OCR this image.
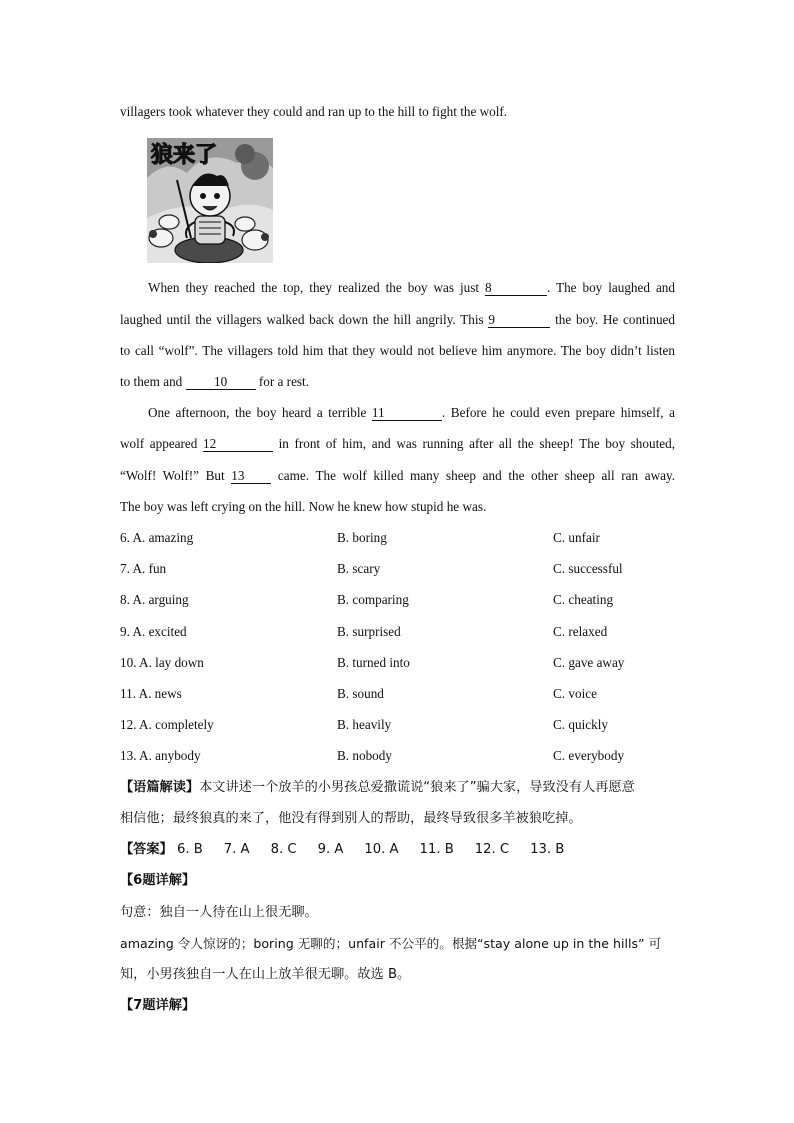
villagers took whatever they could and ran up to the hill to fight the wolf.
狼来了
When they reached the top, they realized the boy was just 8	. The boy laughed and
laughed until the villagers walked back down the hill angrily. This 9	the boy. He continued
to call “wolf”. The villagers told him that they would not believe him anymore. The boy didn’t listen
to them and 10 for a rest.
One afternoon, the boy heard a terrible 11	. Before he could even prepare himself, a
wolf appeared 12	in front of him, and was running after all the sheep! The boy shouted,
“Wolf! Wolf!” But 13 came. The wolf killed many sheep and the other sheep all ran away.
The boy was left crying on the hill. Now he knew how stupid he was.
6. A. amazing	B. boring	C. unfair
7. A. fun	B. scary	C. successful
8. A. arguing	B. comparing	C. cheating
9. A. excited	B. surprised	C. relaxed
10. A. lay down	B. turned into	C. gave away
11. A. news	B. sound	C. voice
12. A. completely	B. heavily	C. quickly
13. A. anybody	B. nobody	C. everybody
【语篇解读】本文讲述一个放羊的小男孩总爱撒谎说“狼来了”骗大家，导致没有人再愿意
相信他；最终狼真的来了，他没有得到别人的帮助，最终导致很多羊被狼吃掉。
【答案】 6. B 7. A 8. C 9. A 10. A 11. B 12. C 13. B
【6题详解】
句意：独自一人待在山上很无聊。
amazing 令人惊讶的；boring 无聊的；unfair 不公平的。根据“stay alone up in the hills” 可
知，小男孩独自一人在山上放羊很无聊。故选 B。
【7题详解】
